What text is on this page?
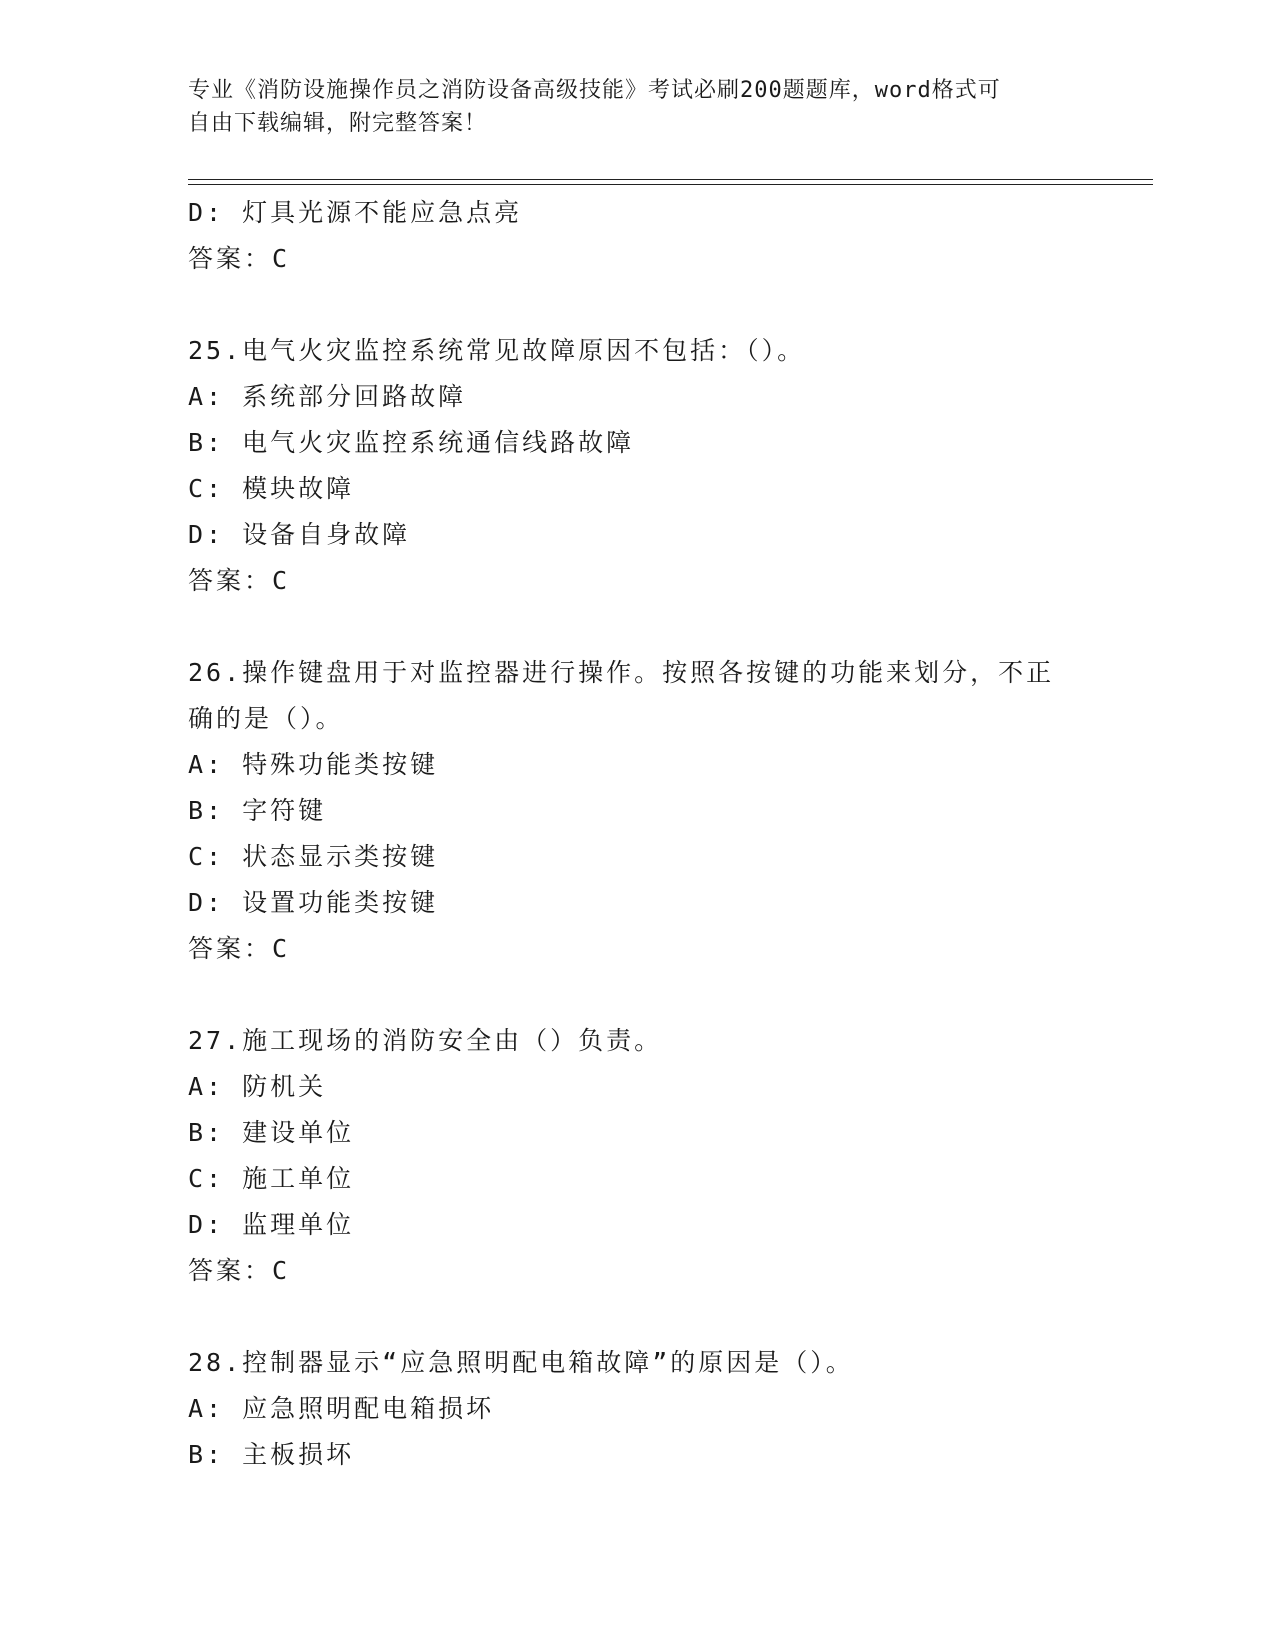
专业《消防设施操作员之消防设备高级技能》考试必刷200题题库，word格式可
自由下载编辑，附完整答案！
D: 灯具光源不能应急点亮
答案：C
25.电气火灾监控系统常见故障原因不包括：（）。
A: 系统部分回路故障
B: 电气火灾监控系统通信线路故障
C: 模块故障
D: 设备自身故障
答案：C
26.操作键盘用于对监控器进行操作。按照各按键的功能来划分，不正
确的是（）。
A: 特殊功能类按键
B: 字符键
C: 状态显示类按键
D: 设置功能类按键
答案：C
27.施工现场的消防安全由（）负责。
A: 防机关
B: 建设单位
C: 施工单位
D: 监理单位
答案：C
28.控制器显示“应急照明配电箱故障”的原因是（）。
A: 应急照明配电箱损坏
B: 主板损坏
